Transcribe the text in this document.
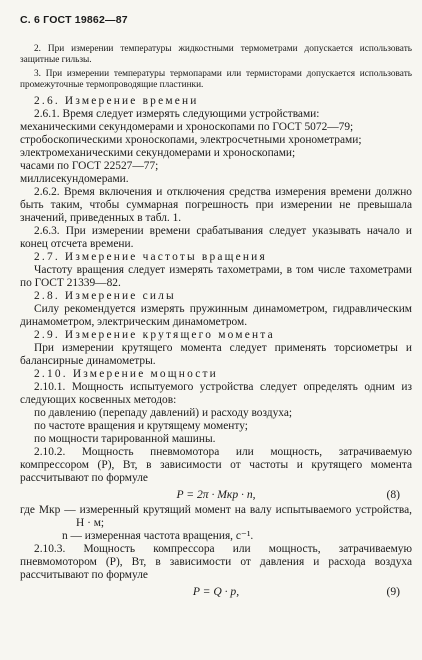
С. 6 ГОСТ 19862—87

2. При измерении температуры жидкостными термометрами допускается использовать защитные гильзы.

3. При измерении температуры термопарами или термисторами допускается использовать промежуточные термопроводящие пластинки.

2.6. Измерение времени

2.6.1. Время следует измерять следующими устройствами:

механическими секундомерами и хроноскопами по ГОСТ 5072—79;

стробоскопическими хроноскопами, электросчетными хронометрами;

электромеханическими секундомерами и хроноскопами;

часами по ГОСТ 22527—77;

миллисекундомерами.

2.6.2. Время включения и отключения средства измерения времени должно быть таким, чтобы суммарная погрешность при измерении не превышала значений, приведенных в табл. 1.

2.6.3. При измерении времени срабатывания следует указывать начало и конец отсчета времени.

2.7. Измерение частоты вращения

Частоту вращения следует измерять тахометрами, в том числе тахометрами по ГОСТ 21339—82.

2.8. Измерение силы

Силу рекомендуется измерять пружинным динамометром, гидравлическим динамометром, электрическим динамометром.

2.9. Измерение крутящего момента

При измерении крутящего момента следует применять торсиометры и балансирные динамометры.

2.10. Измерение мощности

2.10.1. Мощность испытуемого устройства следует определять одним из следующих косвенных методов:

по давлению (перепаду давлений) и расходу воздуха;

по частоте вращения и крутящему моменту;

по мощности тарированной машины.

2.10.2. Мощность пневмомотора или мощность, затрачиваемую компрессором (P), Вт, в зависимости от частоты и крутящего момента рассчитывают по формуле

P = 2π · Mкр · n,	(8)

где Mкр — измеренный крутящий момент на валу испытываемого устройства, Н · м;

n — измеренная частота вращения, с⁻¹.

2.10.3. Мощность компрессора или мощность, затрачиваемую пневмомотором (P), Вт, в зависимости от давления и расхода воздуха рассчитывают по формуле

P = Q · p,	(9)
